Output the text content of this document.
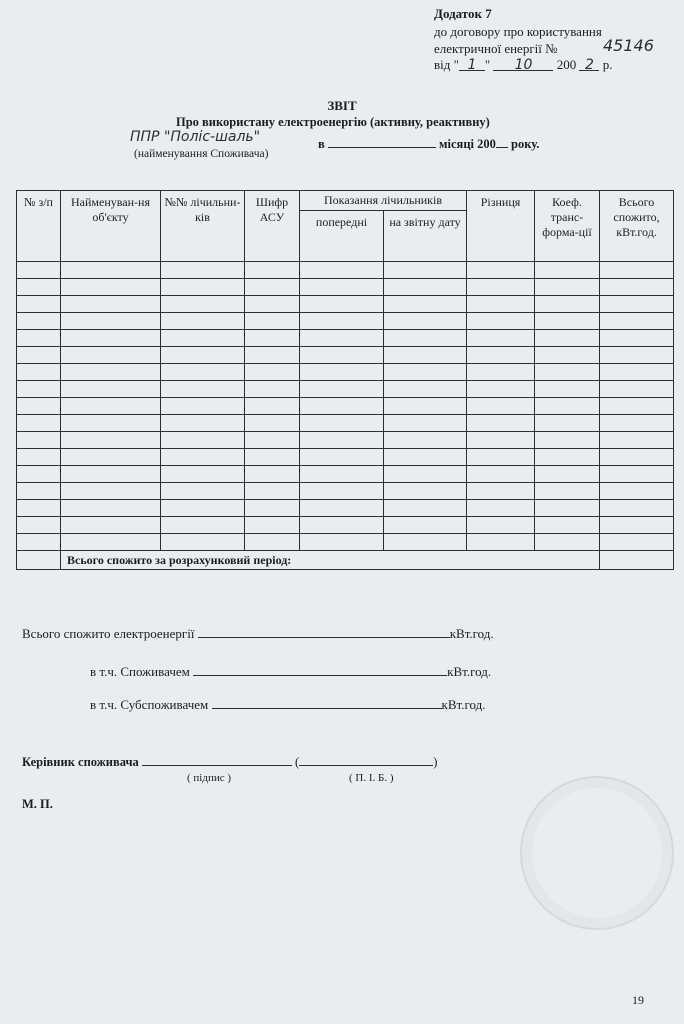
Додаток 7
до договору про користування
електричної енергії №	45146
від " 1 " 10 200 2 р.
ЗВІТ
Про використану електроенергію (активну, реактивну)
ППР "Поліс-шаль"	в	місяці 200 року.
(найменування Споживача)
№ з/п	Найменуван-ня об'єкту	№№ лічильни-ків	Шифр АСУ	Показання лічильників		Різниця	Коеф. транс-форма-ції	Всього спожито, кВт.год.
				попередні	на звітну дату			

	Всього спожито за розрахунковий період:							
Всього спожито електроенергії	кВт.год.
в т.ч. Споживачем	кВт.год.
в т.ч. Субспоживачем	кВт.год.
Керівник споживача	(	)
( підпис )	( П. І. Б. )
М. П.
19
